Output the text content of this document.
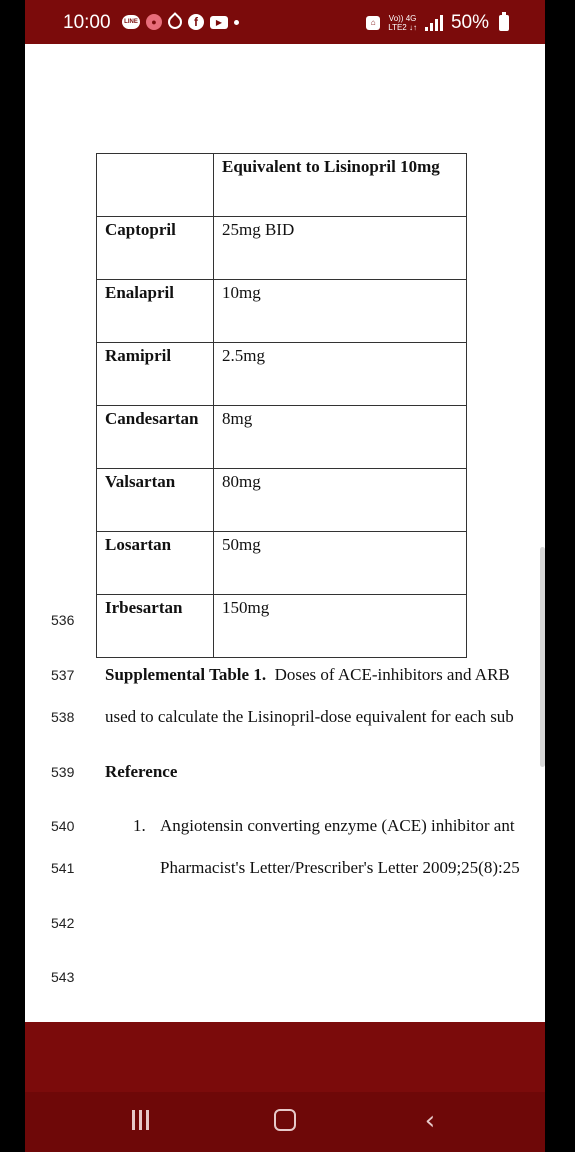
10:00	LINE	●	f	▶	⌂	Vo)) 4G
LTE2 ↓↑ 50%
	Equivalent to Lisinopril 10mg
Captopril	25mg BID
Enalapril	10mg
Ramipril	2.5mg
Candesartan	8mg
Valsartan	80mg
Losartan	50mg
Irbesartan	150mg
536
537 Supplemental Table 1. Doses of ACE-inhibitors and ARB
538 used to calculate the Lisinopril-dose equivalent for each sub
539 Reference
540	1. Angiotensin converting enzyme (ACE) inhibitor ant
541	Pharmacist's Letter/Prescriber's Letter 2009;25(8):25
542
543
‹
